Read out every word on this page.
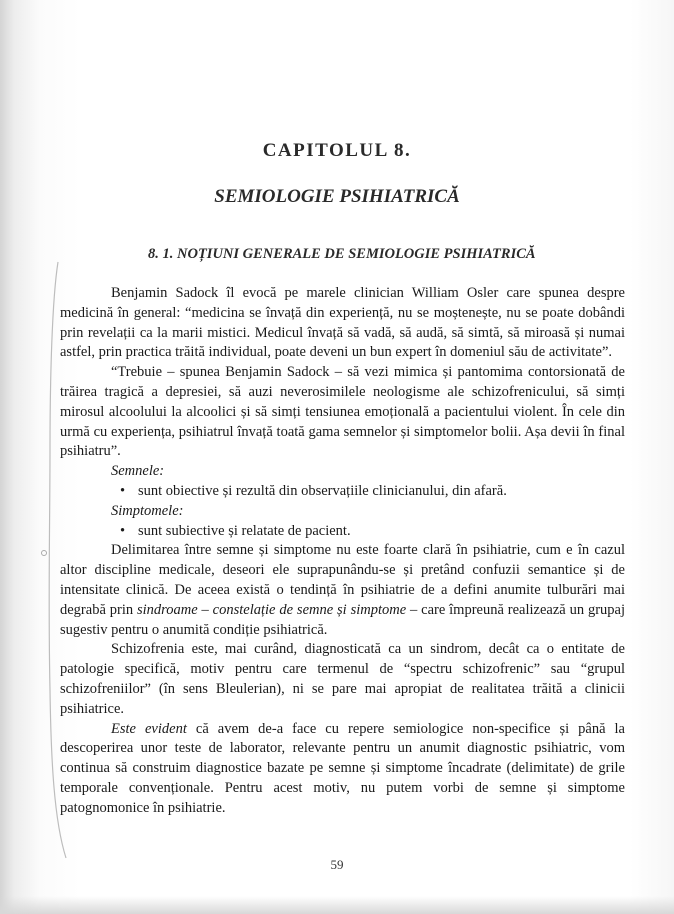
CAPITOLUL 8.
SEMIOLOGIE PSIHIATRICĂ
8. 1. NOȚIUNI GENERALE DE SEMIOLOGIE PSIHIATRICĂ

Benjamin Sadock îl evocă pe marele clinician William Osler care spunea despre medicină în general: “medicina se învață din experiență, nu se moștenește, nu se poate dobândi prin revelații ca la marii mistici. Medicul învață să vadă, să audă, să simtă, să miroasă și numai astfel, prin practica trăită individual, poate deveni un bun expert în domeniul său de activitate”.

“Trebuie – spunea Benjamin Sadock – să vezi mimica și pantomima contorsionată de trăirea tragică a depresiei, să auzi neverosimilele neologisme ale schizofrenicului, să simți mirosul alcoolului la alcoolici și să simți tensiunea emoțională a pacientului violent. În cele din urmă cu experiența, psihiatrul învață toată gama semnelor și simptomelor bolii. Așa devii în final psihiatru”.

Semnele:

• sunt obiective și rezultă din observațiile clinicianului, din afară.

Simptomele:

• sunt subiective și relatate de pacient.

Delimitarea între semne și simptome nu este foarte clară în psihiatrie, cum e în cazul altor discipline medicale, deseori ele suprapunându-se și pretând confuzii semantice și de intensitate clinică. De aceea există o tendință în psihiatrie de a defini anumite tulburări mai degrabă prin sindroame – constelație de semne și simptome – care împreună realizează un grupaj sugestiv pentru o anumită condiție psihiatrică.

Schizofrenia este, mai curând, diagnosticată ca un sindrom, decât ca o entitate de patologie specifică, motiv pentru care termenul de “spectru schizofrenic” sau “grupul schizofreniilor” (în sens Bleulerian), ni se pare mai apropiat de realitatea trăită a clinicii psihiatrice.

Este evident că avem de-a face cu repere semiologice non-specifice și până la descoperirea unor teste de laborator, relevante pentru un anumit diagnostic psihiatric, vom continua să construim diagnostice bazate pe semne și simptome încadrate (delimitate) de grile temporale convenționale. Pentru acest motiv, nu putem vorbi de semne și simptome patognomonice în psihiatrie.

59
